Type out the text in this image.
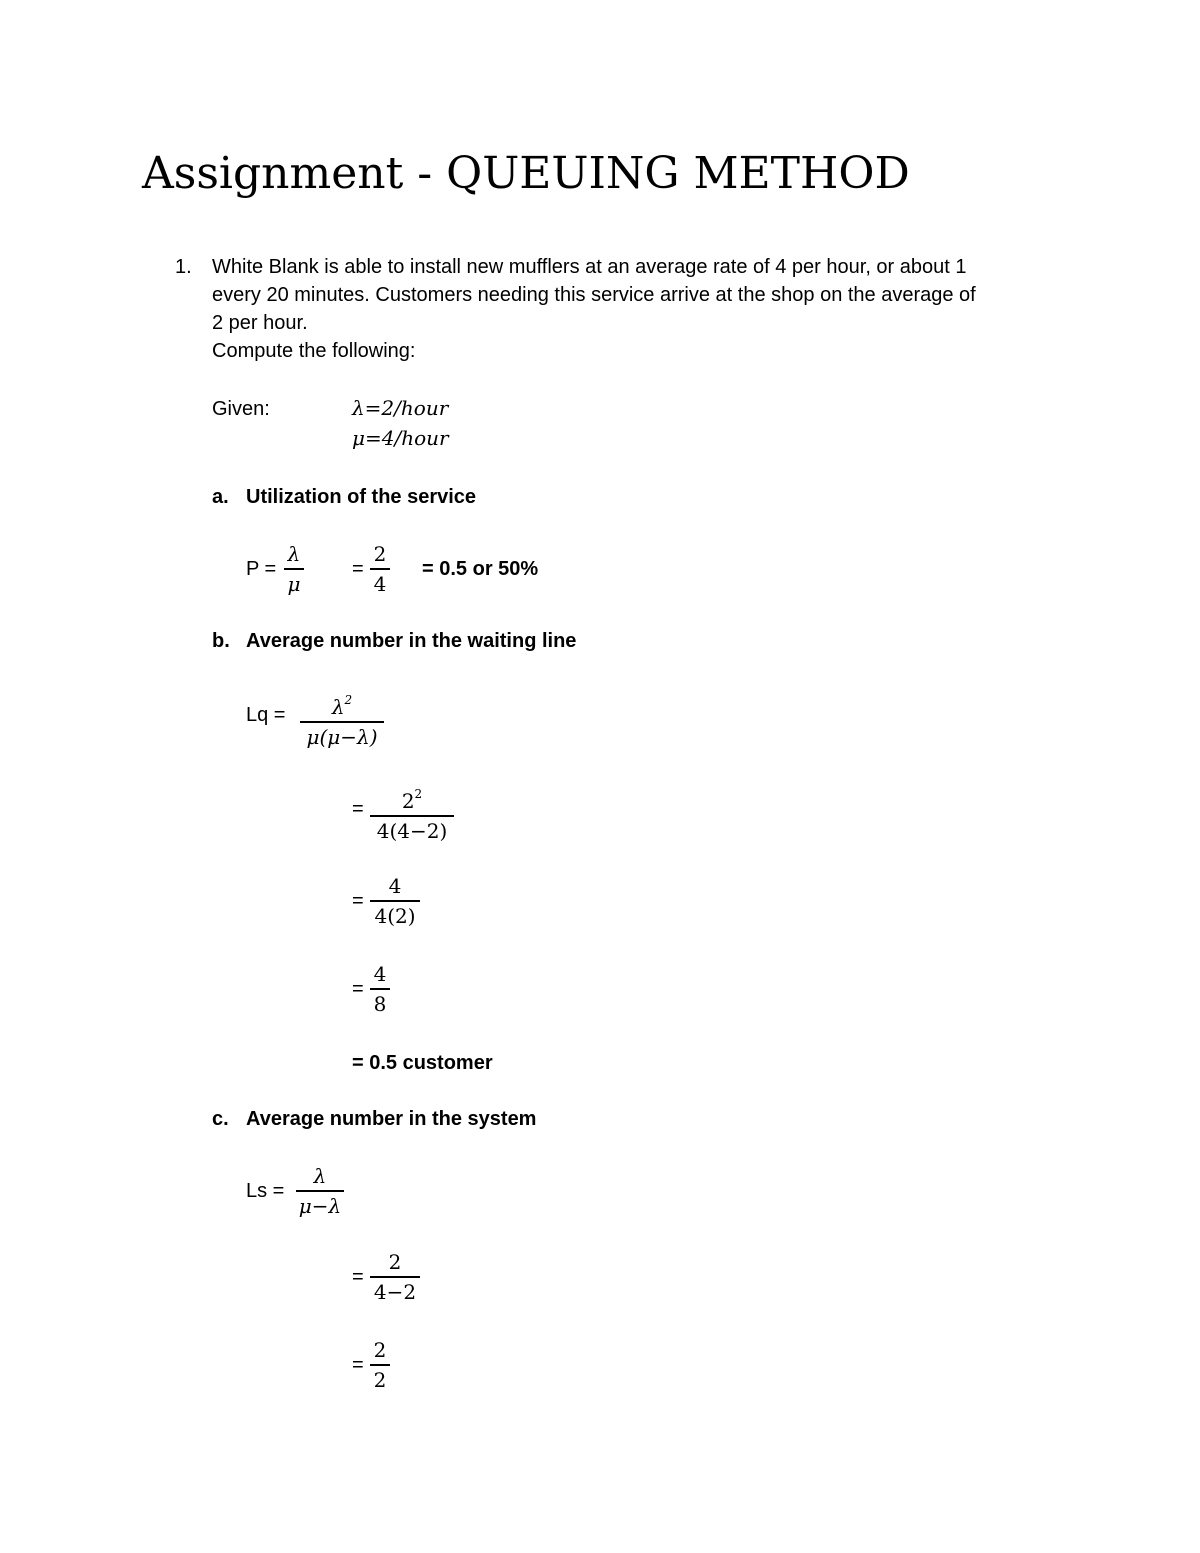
Assignment - QUEUING METHOD
1. White Blank is able to install new mufflers at an average rate of 4 per hour, or about 1
every 20 minutes. Customers needing this service arrive at the shop on the average of
2 per hour.
Compute the following:
Given:	λ=2/hour
μ=4/hour
a. Utilization of the service
P =
λ
μ
=
2
4
= 0.5 or 50%
b. Average number in the waiting line
Lq =	$\lambda^2$
μ(μ−λ)
=	$2^2$
4(4−2)
=
4
4(2)
=
4
8
= 0.5 customer
c. Average number in the system
Ls =
λ
μ−λ
=
2
4−2
=
2
2
